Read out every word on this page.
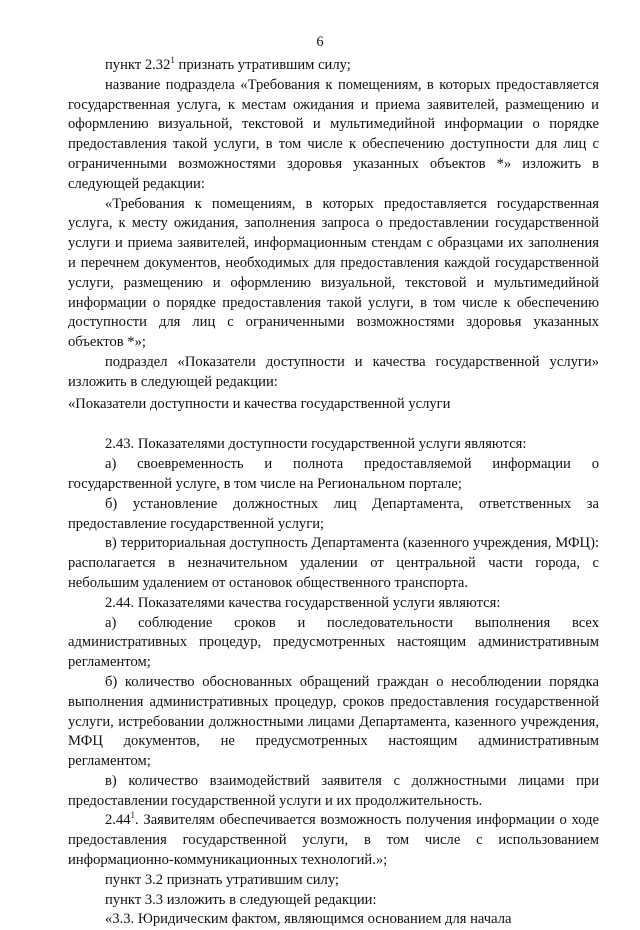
6

пункт 2.32$^1$ признать утратившим силу;

название подраздела «Требования к помещениям, в которых предоставляется государственная услуга, к местам ожидания и приема заявителей, размещению и оформлению визуальной, текстовой и мультимедийной информации о порядке предоставления такой услуги, в том числе к обеспечению доступности для лиц с ограниченными возможностями здоровья указанных объектов *» изложить в следующей редакции:

«Требования к помещениям, в которых предоставляется государственная услуга, к месту ожидания, заполнения запроса о предоставлении государственной услуги и приема заявителей, информационным стендам с образцами их заполнения и перечнем документов, необходимых для предоставления каждой государственной услуги, размещению и оформлению визуальной, текстовой и мультимедийной информации о порядке предоставления такой услуги, в том числе к обеспечению доступности для лиц с ограниченными возможностями здоровья указанных объектов *»;

подраздел «Показатели доступности и качества государственной услуги» изложить в следующей редакции:

«Показатели доступности и качества государственной услуги

2.43. Показателями доступности государственной услуги являются:

а) своевременность и полнота предоставляемой информации о государственной услуге, в том числе на Региональном портале;

б) установление должностных лиц Департамента, ответственных за предоставление государственной услуги;

в) территориальная доступность Департамента (казенного учреждения, МФЦ): располагается в незначительном удалении от центральной части города, с небольшим удалением от остановок общественного транспорта.

2.44. Показателями качества государственной услуги являются:

а) соблюдение сроков и последовательности выполнения всех административных процедур, предусмотренных настоящим административным регламентом;

б) количество обоснованных обращений граждан о несоблюдении порядка выполнения административных процедур, сроков предоставления государственной услуги, истребовании должностными лицами Департамента, казенного учреждения, МФЦ документов, не предусмотренных настоящим административным регламентом;

в) количество взаимодействий заявителя с должностными лицами при предоставлении государственной услуги и их продолжительность.

2.44$^1$. Заявителям обеспечивается возможность получения информации о ходе предоставления государственной услуги, в том числе с использованием информационно-коммуникационных технологий.»;

пункт 3.2 признать утратившим силу;

пункт 3.3 изложить в следующей редакции:

«3.3. Юридическим фактом, являющимся основанием для начала
